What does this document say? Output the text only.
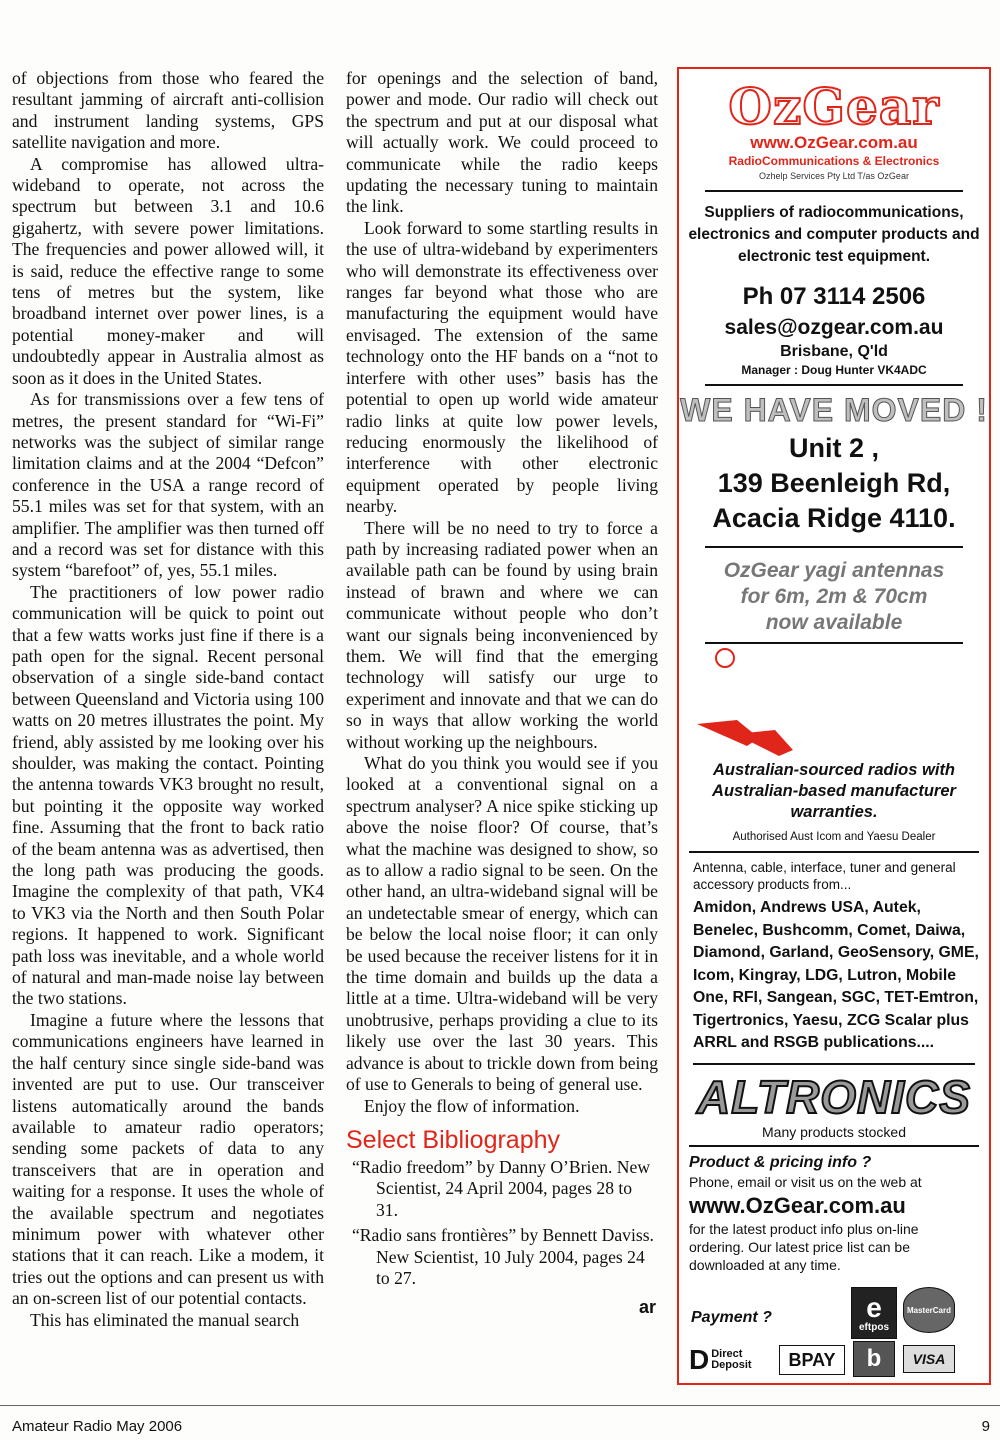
of objections from those who feared the resultant jamming of aircraft anti-collision and instrument landing systems, GPS satellite navigation and more.

A compromise has allowed ultra-wideband to operate, not across the spectrum but between 3.1 and 10.6 gigahertz, with severe power limitations. The frequencies and power allowed will, it is said, reduce the effective range to some tens of metres but the system, like broadband internet over power lines, is a potential money-maker and will undoubtedly appear in Australia almost as soon as it does in the United States.

As for transmissions over a few tens of metres, the present standard for “Wi-Fi” networks was the subject of similar range limitation claims and at the 2004 “Defcon” conference in the USA a range record of 55.1 miles was set for that system, with an amplifier. The amplifier was then turned off and a record was set for distance with this system “barefoot” of, yes, 55.1 miles.

The practitioners of low power radio communication will be quick to point out that a few watts works just fine if there is a path open for the signal. Recent personal observation of a single side-band contact between Queensland and Victoria using 100 watts on 20 metres illustrates the point. My friend, ably assisted by me looking over his shoulder, was making the contact. Pointing the antenna towards VK3 brought no result, but pointing it the opposite way worked fine. Assuming that the front to back ratio of the beam antenna was as advertised, then the long path was producing the goods. Imagine the complexity of that path, VK4 to VK3 via the North and then South Polar regions. It happened to work. Significant path loss was inevitable, and a whole world of natural and man-made noise lay between the two stations.

Imagine a future where the lessons that communications engineers have learned in the half century since single side-band was invented are put to use. Our transceiver listens automatically around the bands available to amateur radio operators; sending some packets of data to any transceivers that are in operation and waiting for a response. It uses the whole of the available spectrum and negotiates minimum power with whatever other stations that it can reach. Like a modem, it tries out the options and can present us with an on-screen list of our potential contacts.

This has eliminated the manual search

for openings and the selection of band, power and mode. Our radio will check out the spectrum and put at our disposal what will actually work. We could proceed to communicate while the radio keeps updating the necessary tuning to maintain the link.

Look forward to some startling results in the use of ultra-wideband by experimenters who will demonstrate its effectiveness over ranges far beyond what those who are manufacturing the equipment would have envisaged. The extension of the same technology onto the HF bands on a “not to interfere with other uses” basis has the potential to open up world wide amateur radio links at quite low power levels, reducing enormously the likelihood of interference with other electronic equipment operated by people living nearby.

There will be no need to try to force a path by increasing radiated power when an available path can be found by using brain instead of brawn and where we can communicate without people who don’t want our signals being inconvenienced by them. We will find that the emerging technology will satisfy our urge to experiment and innovate and that we can do so in ways that allow working the world without working up the neighbours.

What do you think you would see if you looked at a conventional signal on a spectrum analyser? A nice spike sticking up above the noise floor? Of course, that’s what the machine was designed to show, so as to allow a radio signal to be seen. On the other hand, an ultra-wideband signal will be an undetectable smear of energy, which can be below the local noise floor; it can only be used because the receiver listens for it in the time domain and builds up the data a little at a time. Ultra-wideband will be very unobtrusive, perhaps providing a clue to its likely use over the last 30 years. This advance is about to trickle down from being of use to Generals to being of general use.

Enjoy the flow of information.

Select Bibliography

“Radio freedom” by Danny O’Brien. New Scientist, 24 April 2004, pages 28 to 31.

“Radio sans frontières” by Bennett Daviss. New Scientist, 10 July 2004, pages 24 to 27.

ar
OzGear
www.OzGear.com.au
RadioCommunications & Electronics
Ozhelp Services Pty Ltd T/as OzGear
Suppliers of radiocommunications, electronics and computer products and electronic test equipment.
Ph 07 3114 2506
sales@ozgear.com.au
Brisbane, Q'ld
Manager : Doug Hunter VK4ADC
WE HAVE MOVED !
Unit 2 ,
139 Beenleigh Rd,
Acacia Ridge 4110.
OzGear yagi antennas
for 6m, 2m & 70cm
now available
Australian-sourced radios with Australian-based manufacturer warranties.
Authorised Aust Icom and Yaesu Dealer
Antenna, cable, interface, tuner and general accessory products from...
Amidon, Andrews USA, Autek, Benelec, Bushcomm, Comet, Daiwa, Diamond, Garland, GeoSensory, GME, Icom, Kingray, LDG, Lutron, Mobile One, RFI, Sangean, SGC, TET-Emtron, Tigertronics, Yaesu, ZCG Scalar plus ARRL and RSGB publications....
ALTRONICS
Many products stocked
Product & pricing info ?
Phone, email or visit us on the web at
www.OzGear.com.au
for the latest product info plus on-line ordering. Our latest price list can be downloaded at any time.
Payment ?	e
eftpos
MasterCard
D Direct Deposit	BPAY	b	VISA
Amateur Radio May 2006	9
